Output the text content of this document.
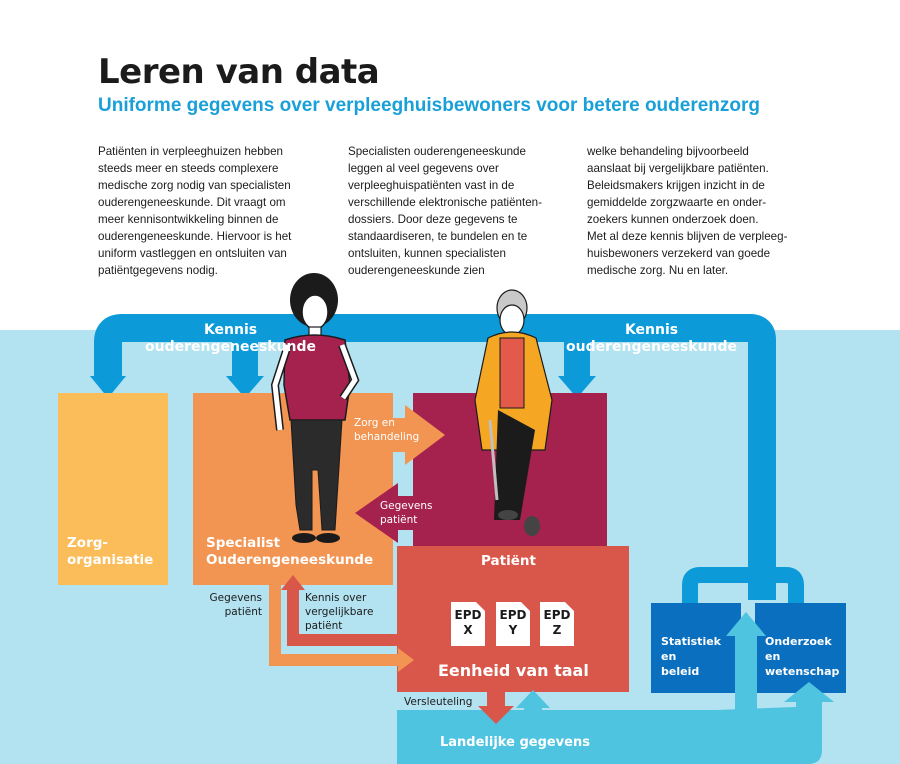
Leren van data
Uniforme gegevens over verpleeghuisbewoners voor betere ouderenzorg

Patiënten in verpleeghuizen hebben
steeds meer en steeds complexere
medische zorg nodig van specialisten
ouderengeneeskunde. Dit vraagt om
meer kennisontwikkeling binnen de
ouderengeneeskunde. Hiervoor is het
uniform vastleggen en ontsluiten van
patiëntgegevens nodig.

Specialisten ouderengeneeskunde
leggen al veel gegevens over
verpleeghuispatiënten vast in de
verschillende elektronische patiënten-
dossiers. Door deze gegevens te
standaardiseren, te bundelen en te
ontsluiten, kunnen specialisten
ouderengeneeskunde zien

welke behandeling bijvoorbeeld
aanslaat bij vergelijkbare patiënten.
Beleidsmakers krijgen inzicht in de
gemiddelde zorgzwaarte en onder-
zoekers kunnen onderzoek doen.
Met al deze kennis blijven de verpleeg-
huisbewoners verzekerd van goede
medische zorg. Nu en later.

Kennis
ouderengeneeskunde
Kennis
ouderengeneeskunde
Zorg-
organisatie
Specialist
Ouderengeneeskunde	Patiënt
Zorg en
behandeling
Gegevens
patiënt
Gegevens
patiënt
Kennis over
vergelijkbare
patiënt
EPD
X
EPD
Y
EPD
Z
Eenheid van taal
Versleuteling
Landelijke gegevens
Statistiek
en
beleid
Onderzoek
en
wetenschap
